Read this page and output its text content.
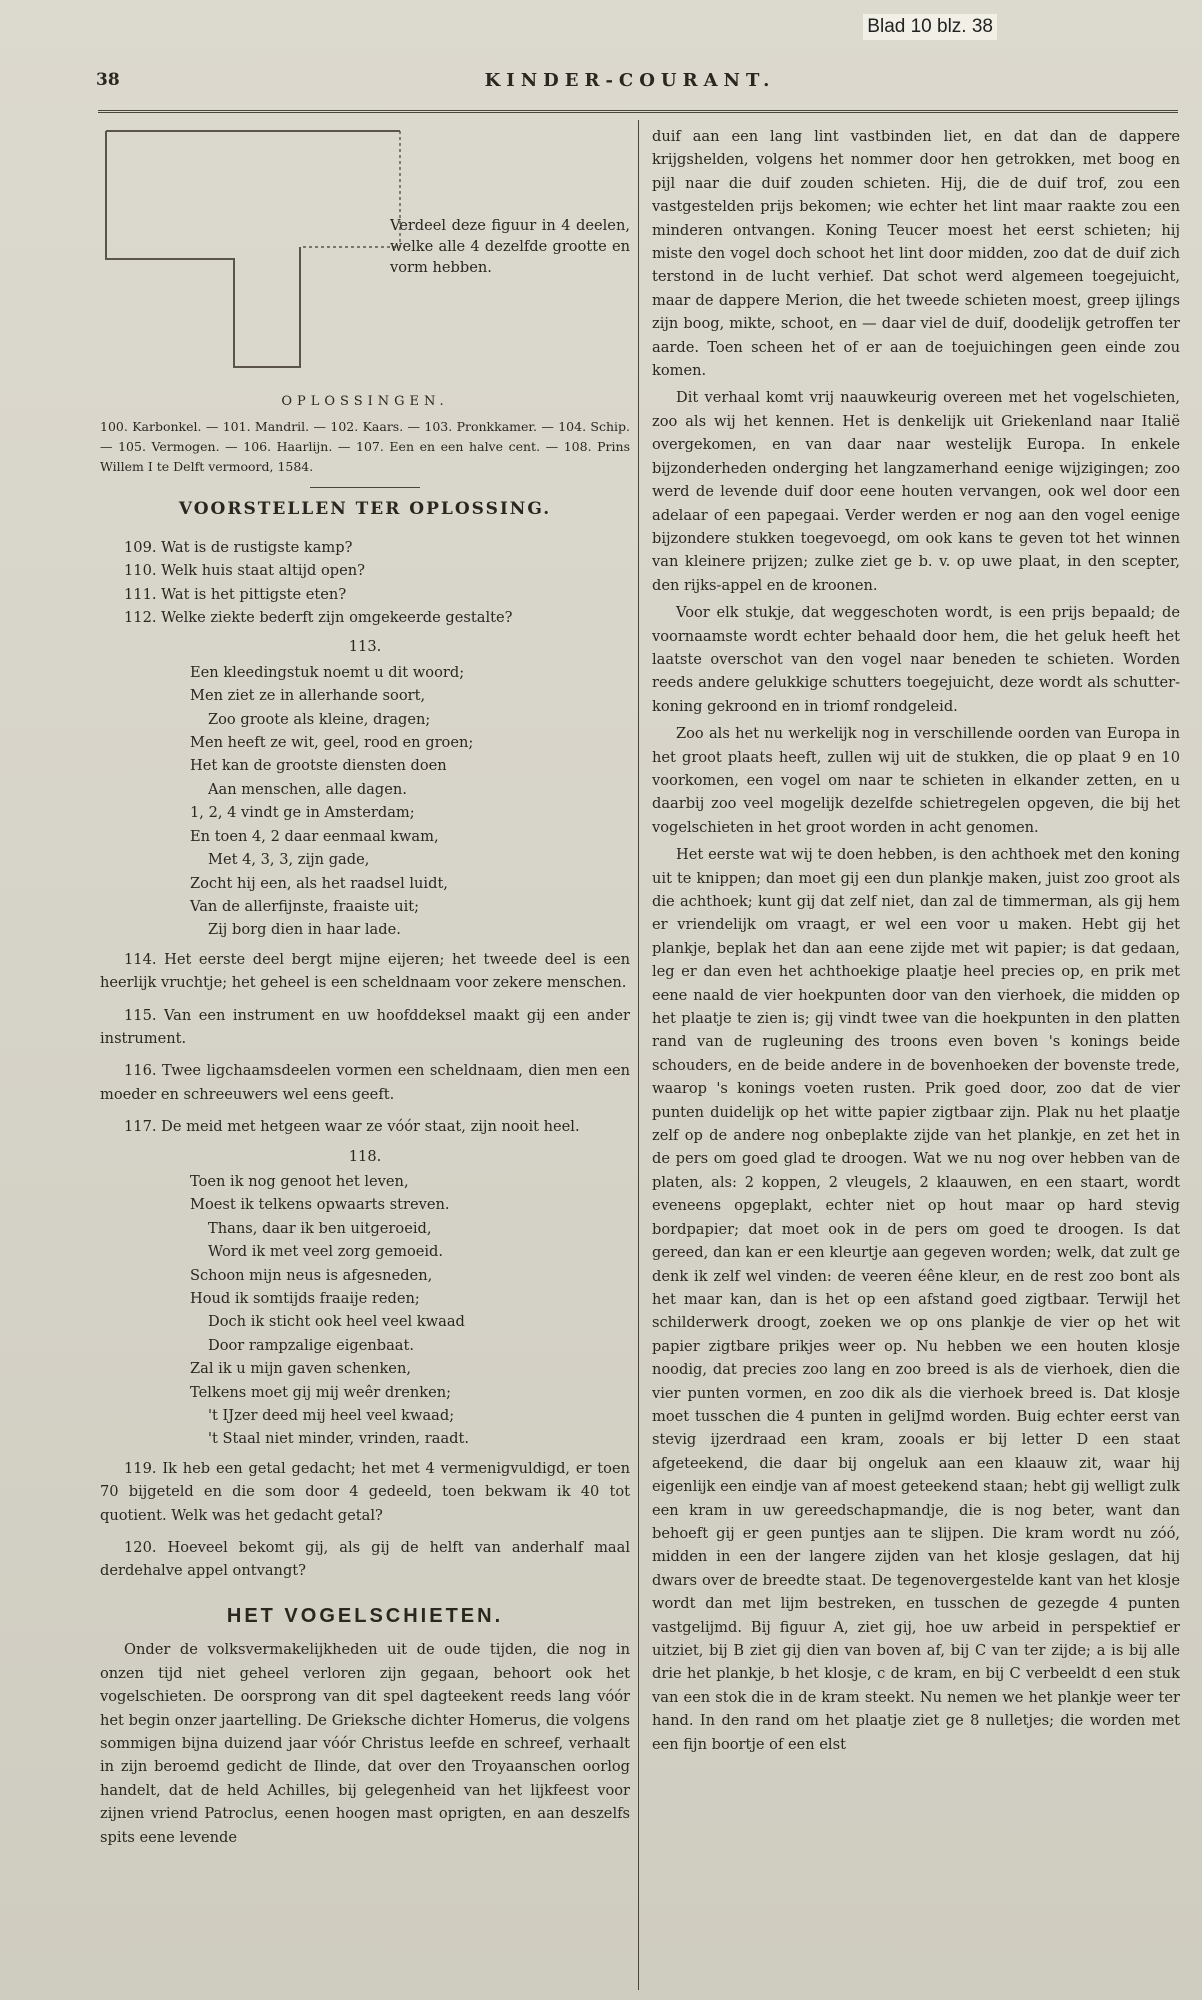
Blad 10 blz. 38
38	KINDER-COURANT.
Verdeel deze figuur in 4 deelen, welke alle 4 dezelfde grootte en vorm hebben.
OPLOSSINGEN.
100. Karbonkel. — 101. Mandril. — 102. Kaars. — 103. Pronkkamer. — 104. Schip. — 105. Vermogen. — 106. Haarlijn. — 107. Een en een halve cent. — 108. Prins Willem I te Delft vermoord, 1584.
VOORSTELLEN TER OPLOSSING.

109. Wat is de rustigste kamp?

110. Welk huis staat altijd open?

111. Wat is het pittigste eten?

112. Welke ziekte bederft zijn omgekeerde gestalte?

113.
Een kleedingstuk noemt u dit woord;
Men ziet ze in allerhande soort,
Zoo groote als kleine, dragen;
Men heeft ze wit, geel, rood en groen;
Het kan de grootste diensten doen
Aan menschen, alle dagen.
1, 2, 4 vindt ge in Amsterdam;
En toen 4, 2 daar eenmaal kwam,
Met 4, 3, 3, zijn gade,
Zocht hij een, als het raadsel luidt,
Van de allerfijnste, fraaiste uit;
Zij borg dien in haar lade.

114. Het eerste deel bergt mijne eijeren; het tweede deel is een heerlijk vruchtje; het geheel is een scheldnaam voor zekere menschen.

115. Van een instrument en uw hoofddeksel maakt gij een ander instrument.

116. Twee ligchaamsdeelen vormen een scheldnaam, dien men een moeder en schreeuwers wel eens geeft.

117. De meid met hetgeen waar ze vóór staat, zijn nooit heel.

118.
Toen ik nog genoot het leven,
Moest ik telkens opwaarts streven.
Thans, daar ik ben uitgeroeid,
Word ik met veel zorg gemoeid.
Schoon mijn neus is afgesneden,
Houd ik somtijds fraaije reden;
Doch ik sticht ook heel veel kwaad
Door rampzalige eigenbaat.
Zal ik u mijn gaven schenken,
Telkens moet gij mij weêr drenken;
't IJzer deed mij heel veel kwaad;
't Staal niet minder, vrinden, raadt.

119. Ik heb een getal gedacht; het met 4 vermenigvuldigd, er toen 70 bijgeteld en die som door 4 gedeeld, toen bekwam ik 40 tot quotient. Welk was het gedacht getal?

120. Hoeveel bekomt gij, als gij de helft van anderhalf maal derdehalve appel ontvangt?

HET VOGELSCHIETEN.

Onder de volksvermakelijkheden uit de oude tijden, die nog in onzen tijd niet geheel verloren zijn gegaan, behoort ook het vogelschieten. De oorsprong van dit spel dagteekent reeds lang vóór het begin onzer jaartelling. De Grieksche dichter Homerus, die volgens sommigen bijna duizend jaar vóór Christus leefde en schreef, verhaalt in zijn beroemd gedicht de Ilinde, dat over den Troyaanschen oorlog handelt, dat de held Achilles, bij gelegenheid van het lijkfeest voor zijnen vriend Patroclus, eenen hoogen mast oprigten, en aan deszelfs spits eene levende

duif aan een lang lint vastbinden liet, en dat dan de dappere krijgshelden, volgens het nommer door hen getrokken, met boog en pijl naar die duif zouden schieten. Hij, die de duif trof, zou een vastgestelden prijs bekomen; wie echter het lint maar raakte zou een minderen ontvangen. Koning Teucer moest het eerst schieten; hij miste den vogel doch schoot het lint door midden, zoo dat de duif zich terstond in de lucht verhief. Dat schot werd algemeen toegejuicht, maar de dappere Merion, die het tweede schieten moest, greep ijlings zijn boog, mikte, schoot, en — daar viel de duif, doodelijk getroffen ter aarde. Toen scheen het of er aan de toejuichingen geen einde zou komen.

Dit verhaal komt vrij naauwkeurig overeen met het vogelschieten, zoo als wij het kennen. Het is denkelijk uit Griekenland naar Italië overgekomen, en van daar naar westelijk Europa. In enkele bijzonderheden onderging het langzamerhand eenige wijzigingen; zoo werd de levende duif door eene houten vervangen, ook wel door een adelaar of een papegaai. Verder werden er nog aan den vogel eenige bijzondere stukken toegevoegd, om ook kans te geven tot het winnen van kleinere prijzen; zulke ziet ge b. v. op uwe plaat, in den scepter, den rijks-appel en de kroonen.

Voor elk stukje, dat weggeschoten wordt, is een prijs bepaald; de voornaamste wordt echter behaald door hem, die het geluk heeft het laatste overschot van den vogel naar beneden te schieten. Worden reeds andere gelukkige schutters toegejuicht, deze wordt als schutter-koning gekroond en in triomf rondgeleid.

Zoo als het nu werkelijk nog in verschillende oorden van Europa in het groot plaats heeft, zullen wij uit de stukken, die op plaat 9 en 10 voorkomen, een vogel om naar te schieten in elkander zetten, en u daarbij zoo veel mogelijk dezelfde schietregelen opgeven, die bij het vogelschieten in het groot worden in acht genomen.

Het eerste wat wij te doen hebben, is den achthoek met den koning uit te knippen; dan moet gij een dun plankje maken, juist zoo groot als die achthoek; kunt gij dat zelf niet, dan zal de timmerman, als gij hem er vriendelijk om vraagt, er wel een voor u maken. Hebt gij het plankje, beplak het dan aan eene zijde met wit papier; is dat gedaan, leg er dan even het achthoekige plaatje heel precies op, en prik met eene naald de vier hoekpunten door van den vierhoek, die midden op het plaatje te zien is; gij vindt twee van die hoekpunten in den platten rand van de rugleuning des troons even boven 's konings beide schouders, en de beide andere in de bovenhoeken der bovenste trede, waarop 's konings voeten rusten. Prik goed door, zoo dat de vier punten duidelijk op het witte papier zigtbaar zijn. Plak nu het plaatje zelf op de andere nog onbeplakte zijde van het plankje, en zet het in de pers om goed glad te droogen. Wat we nu nog over hebben van de platen, als: 2 koppen, 2 vleugels, 2 klaauwen, en een staart, wordt eveneens opgeplakt, echter niet op hout maar op hard stevig bordpapier; dat moet ook in de pers om goed te droogen. Is dat gereed, dan kan er een kleurtje aan gegeven worden; welk, dat zult ge denk ik zelf wel vinden: de veeren éêne kleur, en de rest zoo bont als het maar kan, dan is het op een afstand goed zigtbaar. Terwijl het schilderwerk droogt, zoeken we op ons plankje de vier op het wit papier zigtbare prikjes weer op. Nu hebben we een houten klosje noodig, dat precies zoo lang en zoo breed is als de vierhoek, dien die vier punten vormen, en zoo dik als die vierhoek breed is. Dat klosje moet tusschen die 4 punten in geliJmd worden. Buig echter eerst van stevig ijzerdraad een kram, zooals er bij letter D een staat afgeteekend, die daar bij ongeluk aan een klaauw zit, waar hij eigenlijk een eindje van af moest geteekend staan; hebt gij welligt zulk een kram in uw gereedschapmandje, die is nog beter, want dan behoeft gij er geen puntjes aan te slijpen. Die kram wordt nu zóó, midden in een der langere zijden van het klosje geslagen, dat hij dwars over de breedte staat. De tegenovergestelde kant van het klosje wordt dan met lijm bestreken, en tusschen de gezegde 4 punten vastgelijmd. Bij figuur A, ziet gij, hoe uw arbeid in perspektief er uitziet, bij B ziet gij dien van boven af, bij C van ter zijde; a is bij alle drie het plankje, b het klosje, c de kram, en bij C verbeeldt d een stuk van een stok die in de kram steekt. Nu nemen we het plankje weer ter hand. In den rand om het plaatje ziet ge 8 nulletjes; die worden met een fijn boortje of een elst
